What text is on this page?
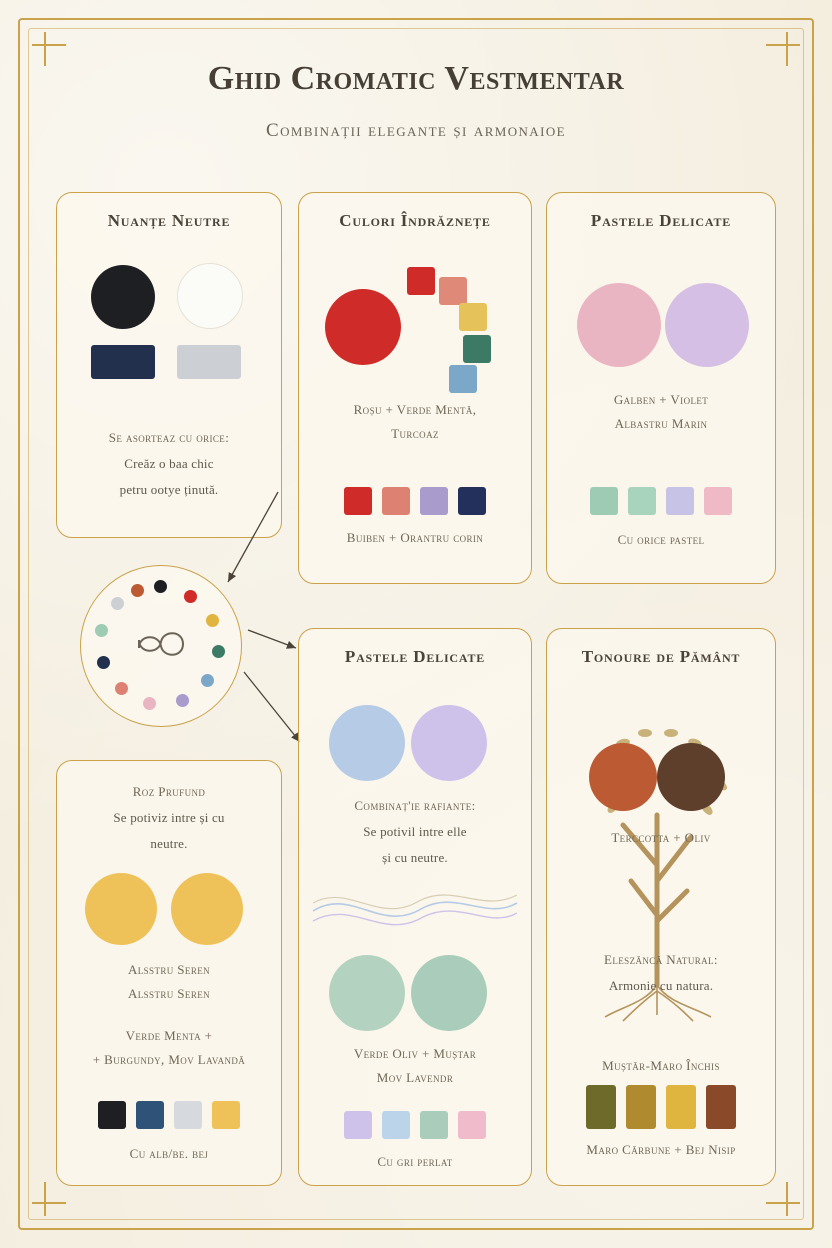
Ghid Cromatic Vestmentar
Combinații elegante și armonaioe
Nuanțe Neutre
Se asorteaz cu orice:
Creăz o baa chic
petru ootye ținută.
Culori Îndrăznețe
Roșu + Verde Mentă,
Turcoaz
Buiben + Orantru corin
Pastele Delicate
Galben + Violet
Albastru Marin
Cu orice pastel
Roz Prufund
Se potiviz intre și cu
neutre.
Alsstru Seren
Alsstru Seren
Verde Menta +
+ Burgundy, Mov Lavandă
Cu alb/be. bej
Pastele Delicate
Combinaț'ie rafiante:
Se potivil intre elle
și cu neutre.
Verde Oliv + Muștar
Mov Lavendr
Cu gri perlat
Tonoure de Pământ
Terccotta + Oliv
Eleszăncă Natural:
Armonie cu natura.
Muștăr-Maro Închis
Maro Cărbune + Bej Nisip
